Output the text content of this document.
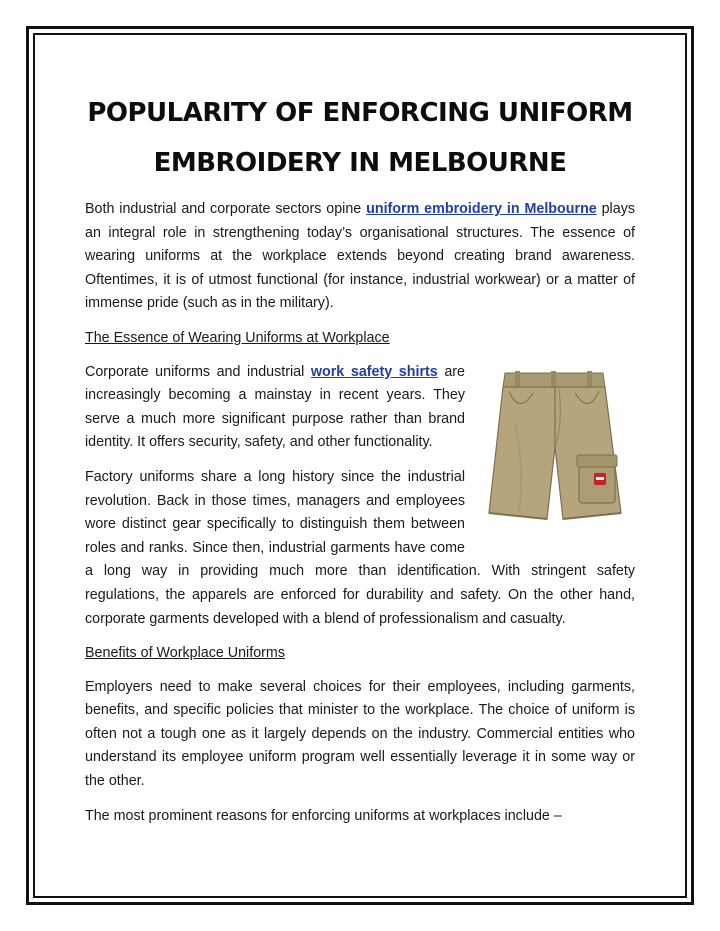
POPULARITY OF ENFORCING UNIFORM
EMBROIDERY IN MELBOURNE

Both industrial and corporate sectors opine uniform embroidery in Melbourne plays an integral role in strengthening today’s organisational structures. The essence of wearing uniforms at the workplace extends beyond creating brand awareness. Oftentimes, it is of utmost functional (for instance, industrial workwear) or a matter of immense pride (such as in the military).

The Essence of Wearing Uniforms at Workplace

Corporate uniforms and industrial work safety shirts are increasingly becoming a mainstay in recent years. They serve a much more significant purpose rather than brand identity. It offers security, safety, and other functionality.

Factory uniforms share a long history since the industrial revolution. Back in those times, managers and employees wore distinct gear specifically to distinguish them between roles and ranks. Since then, industrial garments have come a long way in providing much more than identification. With stringent safety regulations, the apparels are enforced for durability and safety. On the other hand, corporate garments developed with a blend of professionalism and casualty.

Benefits of Workplace Uniforms

Employers need to make several choices for their employees, including garments, benefits, and specific policies that minister to the workplace. The choice of uniform is often not a tough one as it largely depends on the industry. Commercial entities who understand its employee uniform program well essentially leverage it in some way or the other.

The most prominent reasons for enforcing uniforms at workplaces include –
